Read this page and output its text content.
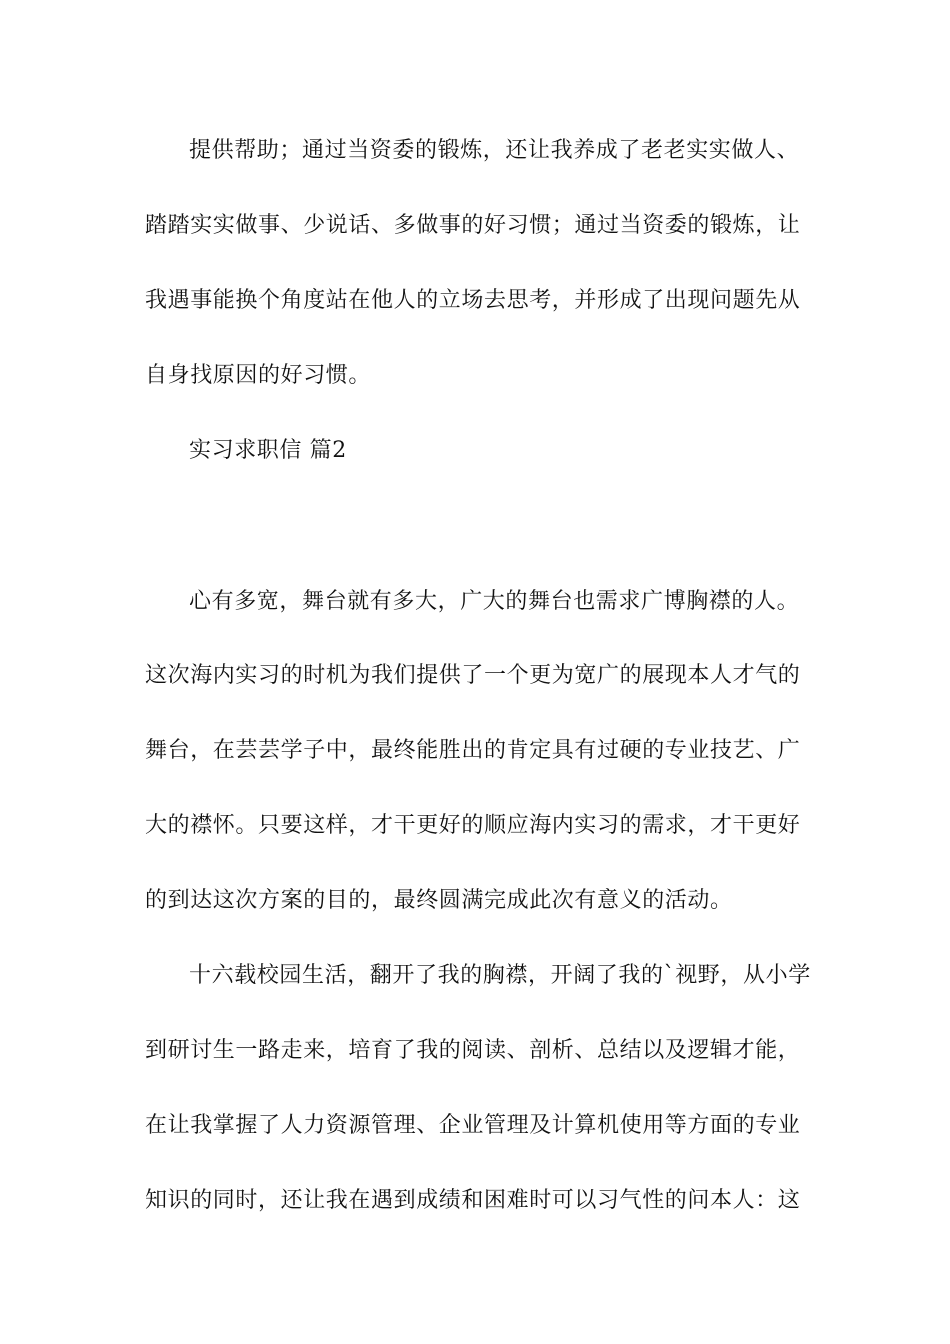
提供帮助；通过当资委的锻炼，还让我养成了老老实实做人、
踏踏实实做事、少说话、多做事的好习惯；通过当资委的锻炼，让
我遇事能换个角度站在他人的立场去思考，并形成了出现问题先从
自身找原因的好习惯。
实习求职信 篇2
心有多宽，舞台就有多大，广大的舞台也需求广博胸襟的人。
这次海内实习的时机为我们提供了一个更为宽广的展现本人才气的
舞台，在芸芸学子中，最终能胜出的肯定具有过硬的专业技艺、广
大的襟怀。只要这样，才干更好的顺应海内实习的需求，才干更好
的到达这次方案的目的，最终圆满完成此次有意义的活动。
十六载校园生活，翻开了我的胸襟，开阔了我的`视野，从小学
到研讨生一路走来，培育了我的阅读、剖析、总结以及逻辑才能，
在让我掌握了人力资源管理、企业管理及计算机使用等方面的专业
知识的同时，还让我在遇到成绩和困难时可以习气性的问本人：这
